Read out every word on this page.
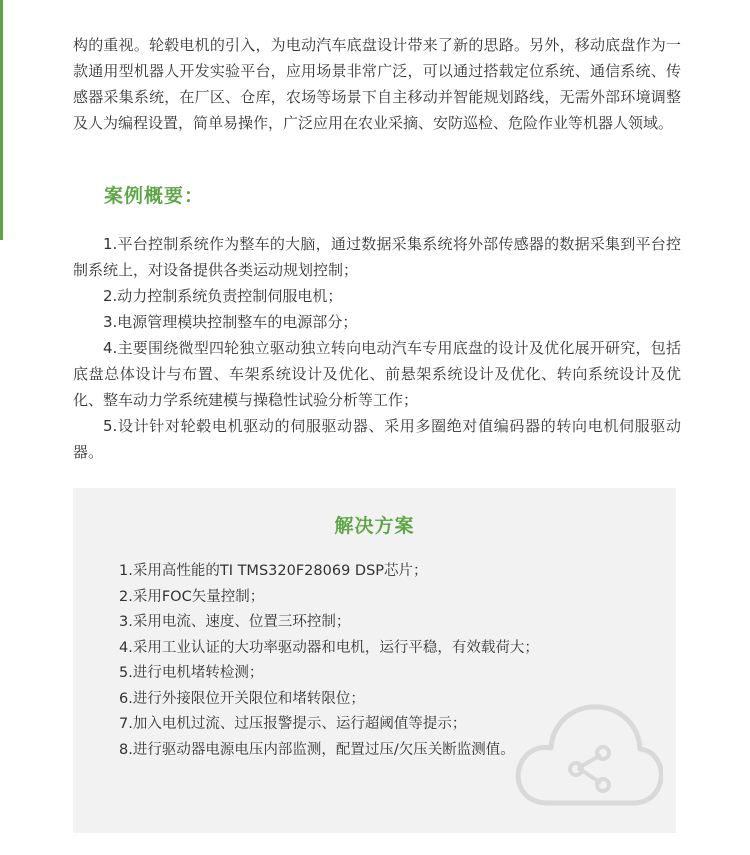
构的重视。轮毂电机的引入，为电动汽车底盘设计带来了新的思路。另外，移动底盘作为一款通用型机器人开发实验平台，应用场景非常广泛，可以通过搭载定位系统、通信系统、传感器采集系统，在厂区、仓库，农场等场景下自主移动并智能规划路线，无需外部环境调整及人为编程设置，简单易操作，广泛应用在农业采摘、安防巡检、危险作业等机器人领域。

案例概要：

1.平台控制系统作为整车的大脑，通过数据采集系统将外部传感器的数据采集到平台控制系统上，对设备提供各类运动规划控制；

2.动力控制系统负责控制伺服电机；

3.电源管理模块控制整车的电源部分；

4.主要围绕微型四轮独立驱动独立转向电动汽车专用底盘的设计及优化展开研究，包括底盘总体设计与布置、车架系统设计及优化、前悬架系统设计及优化、转向系统设计及优化、整车动力学系统建模与操稳性试验分析等工作；

5.设计针对轮毂电机驱动的伺服驱动器、采用多圈绝对值编码器的转向电机伺服驱动器。

解决方案
1.采用高性能的TI TMS320F28069 DSP芯片；
2.采用FOC矢量控制；
3.采用电流、速度、位置三环控制；
4.采用工业认证的大功率驱动器和电机，运行平稳，有效载荷大；
5.进行电机堵转检测；
6.进行外接限位开关限位和堵转限位；
7.加入电机过流、过压报警提示、运行超阈值等提示；
8.进行驱动器电源电压内部监测，配置过压/欠压关断监测值。
